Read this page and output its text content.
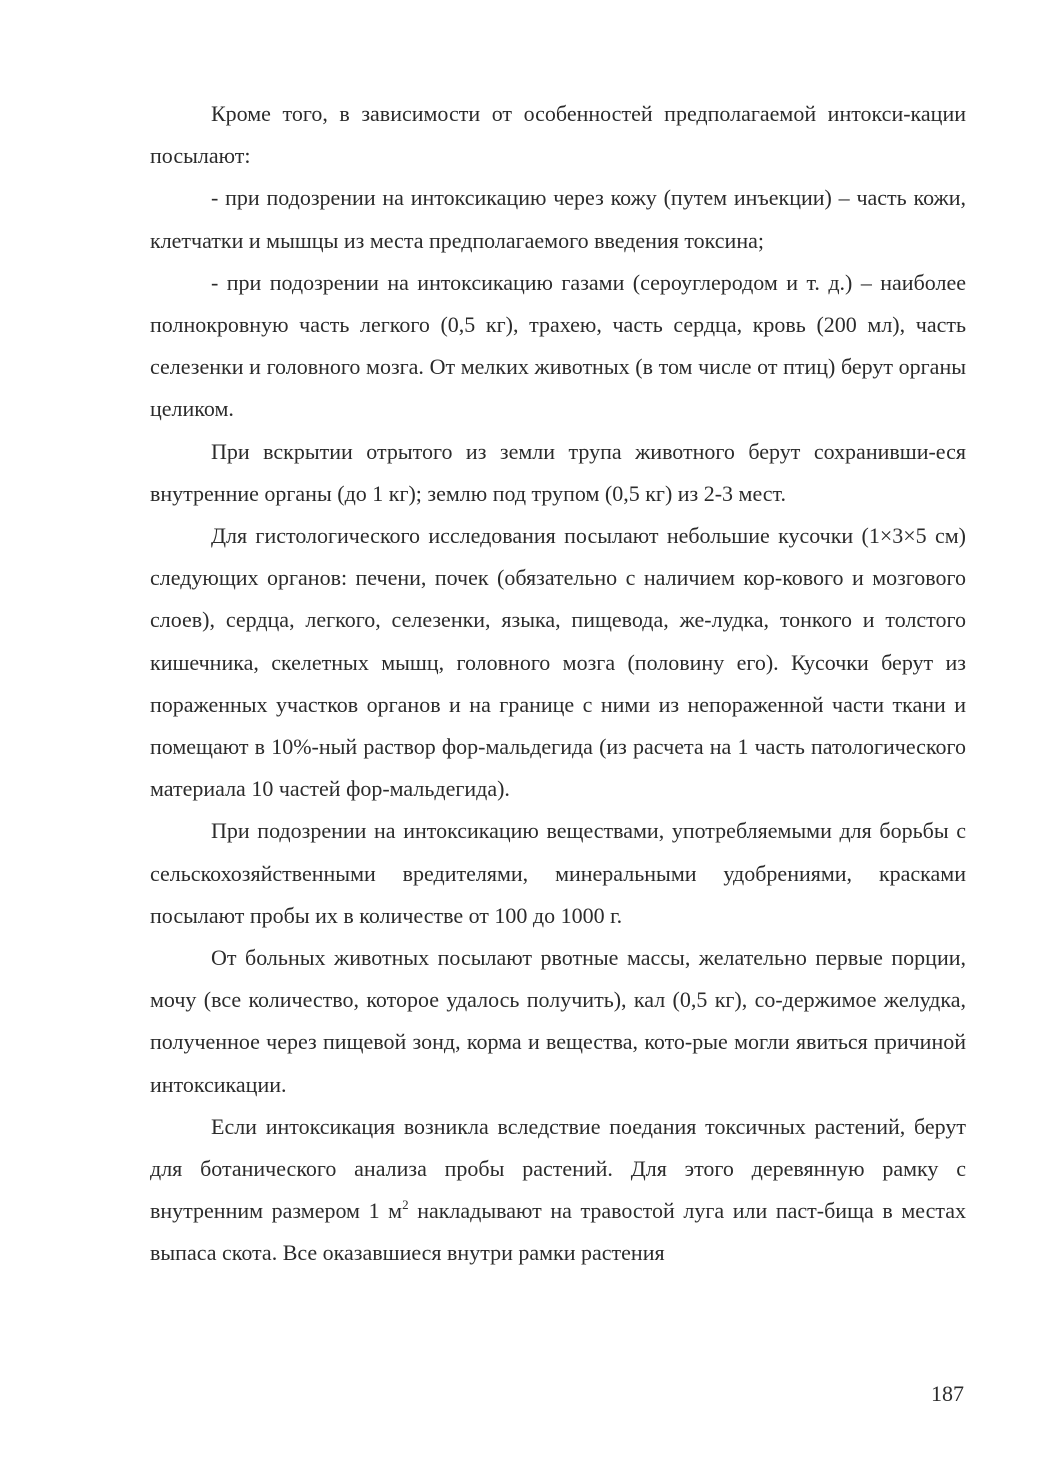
Кроме того, в зависимости от особенностей предполагаемой интокси-кации посылают:

- при подозрении на интоксикацию через кожу (путем инъекции) – часть кожи, клетчатки и мышцы из места предполагаемого введения токсина;

- при подозрении на интоксикацию газами (сероуглеродом и т. д.) – наиболее полнокровную часть легкого (0,5 кг), трахею, часть сердца, кровь (200 мл), часть селезенки и головного мозга. От мелких животных (в том числе от птиц) берут органы целиком.

При вскрытии отрытого из земли трупа животного берут сохранивши-еся внутренние органы (до 1 кг); землю под трупом (0,5 кг) из 2-3 мест.

Для гистологического исследования посылают небольшие кусочки (1×3×5 см) следующих органов: печени, почек (обязательно с наличием кор-кового и мозгового слоев), сердца, легкого, селезенки, языка, пищевода, же-лудка, тонкого и толстого кишечника, скелетных мышц, головного мозга (половину его). Кусочки берут из пораженных участков органов и на границе с ними из непораженной части ткани и помещают в 10%-ный раствор фор-мальдегида (из расчета на 1 часть патологического материала 10 частей фор-мальдегида).

При подозрении на интоксикацию веществами, употребляемыми для борьбы с сельскохозяйственными вредителями, минеральными удобрениями, красками посылают пробы их в количестве от 100 до 1000 г.

От больных животных посылают рвотные массы, желательно первые порции, мочу (все количество, которое удалось получить), кал (0,5 кг), со-держимое желудка, полученное через пищевой зонд, корма и вещества, кото-рые могли явиться причиной интоксикации.

Если интоксикация возникла вследствие поедания токсичных растений, берут для ботанического анализа пробы растений. Для этого деревянную рамку с внутренним размером 1 $м^2$ накладывают на травостой луга или паст-бища в местах выпаса скота. Все оказавшиеся внутри рамки растения

187
